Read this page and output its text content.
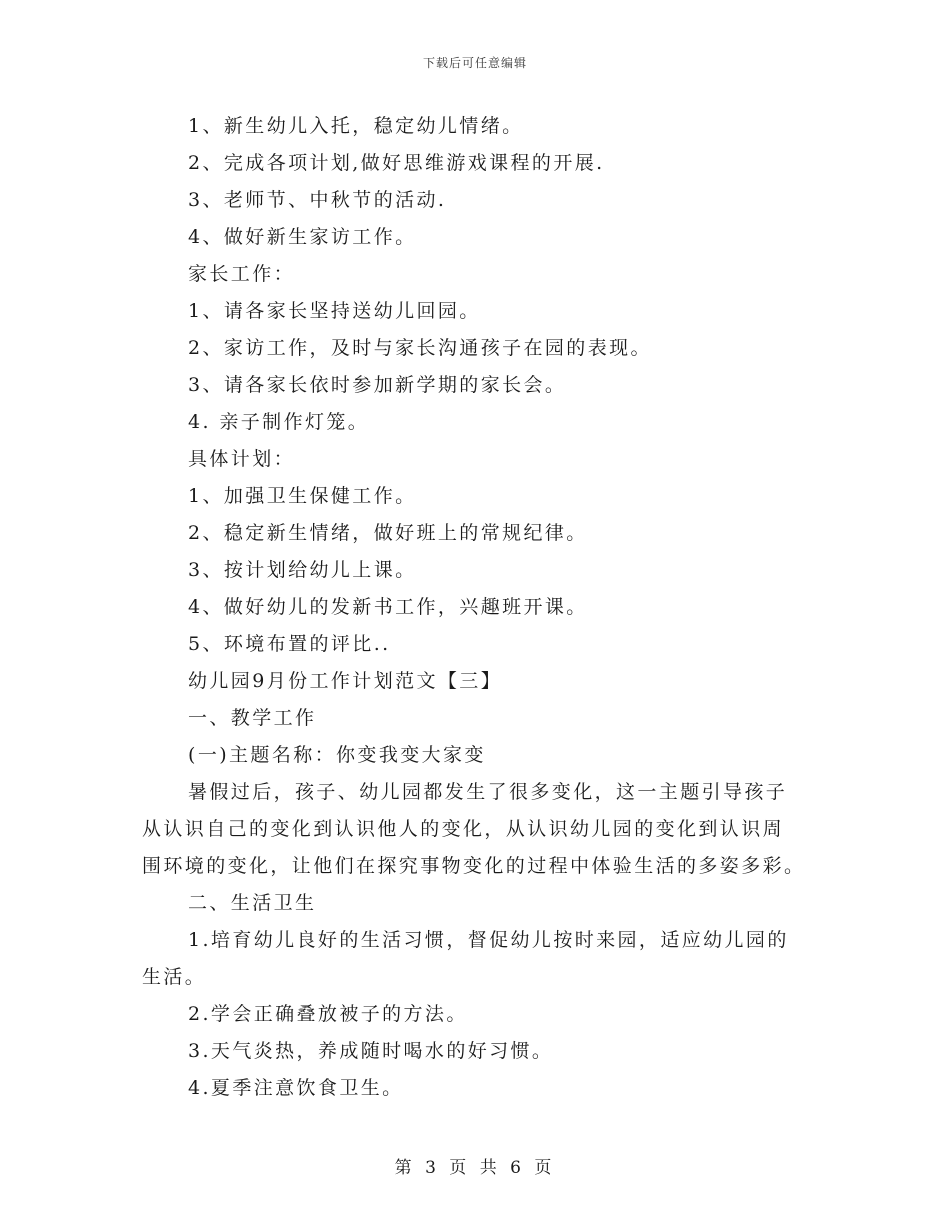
下载后可任意编辑
1、新生幼儿入托，稳定幼儿情绪。
2、完成各项计划,做好思维游戏课程的开展.
3、老师节、中秋节的活动.
4、做好新生家访工作。
家长工作：
1、请各家长坚持送幼儿回园。
2、家访工作，及时与家长沟通孩子在园的表现。
3、请各家长依时参加新学期的家长会。
4. 亲子制作灯笼。
具体计划：
1、加强卫生保健工作。
2、稳定新生情绪，做好班上的常规纪律。
3、按计划给幼儿上课。
4、做好幼儿的发新书工作，兴趣班开课。
5、环境布置的评比..
幼儿园9月份工作计划范文【三】
一、教学工作
(一)主题名称：你变我变大家变
暑假过后，孩子、幼儿园都发生了很多变化，这一主题引导孩子
从认识自己的变化到认识他人的变化，从认识幼儿园的变化到认识周
围环境的变化，让他们在探究事物变化的过程中体验生活的多姿多彩。
二、生活卫生
1.培育幼儿良好的生活习惯，督促幼儿按时来园，适应幼儿园的
生活。
2.学会正确叠放被子的方法。
3.天气炎热，养成随时喝水的好习惯。
4.夏季注意饮食卫生。
第 3 页 共 6 页
